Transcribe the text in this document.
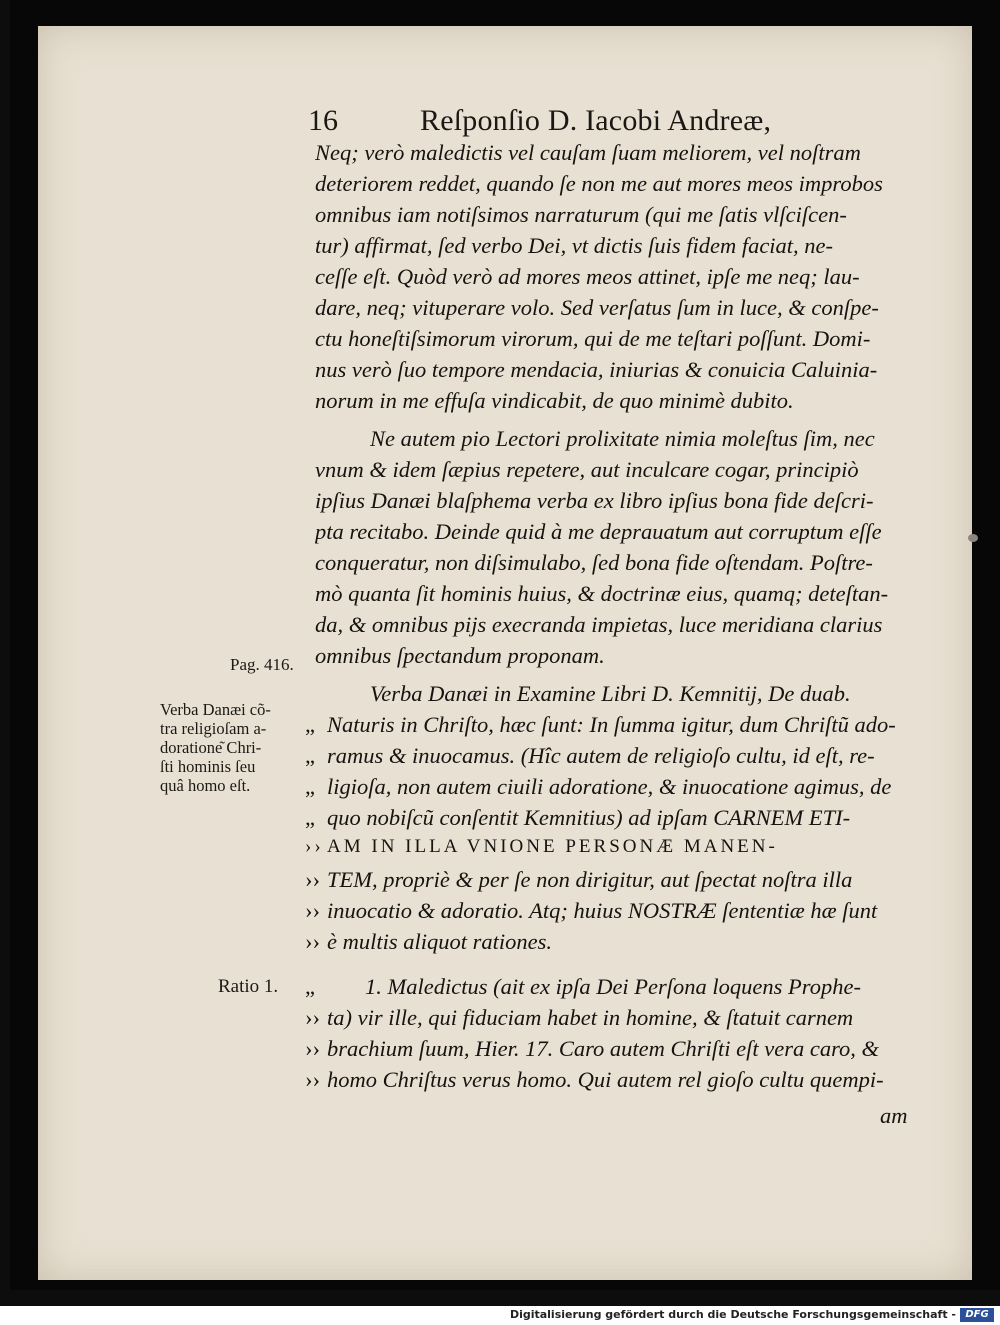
16	Reſponſio D. Iacobi Andreæ,
Pag. 416.
Verba Danæi cõ-
tra religioſam a-
doratione͂ Chri-
ſti hominis ſeu
quâ homo eſt.
Ratio 1.
Neq; verò maledictis vel cauſam ſuam meliorem, vel noſtram
deteriorem reddet, quando ſe non me aut mores meos improbos
omnibus iam notiſsimos narraturum (qui me ſatis vlſciſcen-
tur) affirmat, ſed verbo Dei, vt dictis ſuis fidem faciat, ne-
ceſſe eſt. Quòd verò ad mores meos attinet, ipſe me neq; lau-
dare, neq; vituperare volo. Sed verſatus ſum in luce, & conſpe-
ctu honeſtiſsimorum virorum, qui de me teſtari poſſunt. Domi-
nus verò ſuo tempore mendacia, iniurias & conuicia Caluinia-
norum in me effuſa vindicabit, de quo minimè dubito.
Ne autem pio Lectori prolixitate nimia moleſtus ſim, nec
vnum & idem ſæpius repetere, aut inculcare cogar, principiò
ipſius Danæi blaſphema verba ex libro ipſius bona fide deſcri-
pta recitabo. Deinde quid à me deprauatum aut corruptum eſſe
conqueratur, non diſsimulabo, ſed bona fide oſtendam. Poſtre-
mò quanta ſit hominis huius, & doctrinæ eius, quamq; deteſtan-
da, & omnibus pijs execranda impietas, luce meridiana clarius
omnibus ſpectandum proponam.
Verba Danæi in Examine Libri D. Kemnitij, De duab.
„ Naturis in Chriſto, hæc ſunt: In ſumma igitur, dum Chriſtũ ado-
„ ramus & inuocamus. (Hîc autem de religioſo cultu, id eſt, re-
„ ligioſa, non autem ciuili adoratione, & inuocatione agimus, de
„ quo nobiſcũ conſentit Kemnitius) ad ipſam CARNEM ETI-
›› AM IN ILLA VNIONE PERSONÆ MANEN-
›› TEM, propriè & per ſe non dirigitur, aut ſpectat noſtra illa
›› inuocatio & adoratio. Atq; huius NOSTRÆ ſententiæ hæ ſunt
›› è multis aliquot rationes.
„ 1. Maledictus (ait ex ipſa Dei Perſona loquens Prophe-
›› ta) vir ille, qui fiduciam habet in homine, & ſtatuit carnem
›› brachium ſuum, Hier. 17. Caro autem Chriſti eſt vera caro, &
›› homo Chriſtus verus homo. Qui autem rel gioſo cultu quempi-
am
Digitalisierung gefördert durch die Deutsche Forschungsgemeinschaft - DFG
